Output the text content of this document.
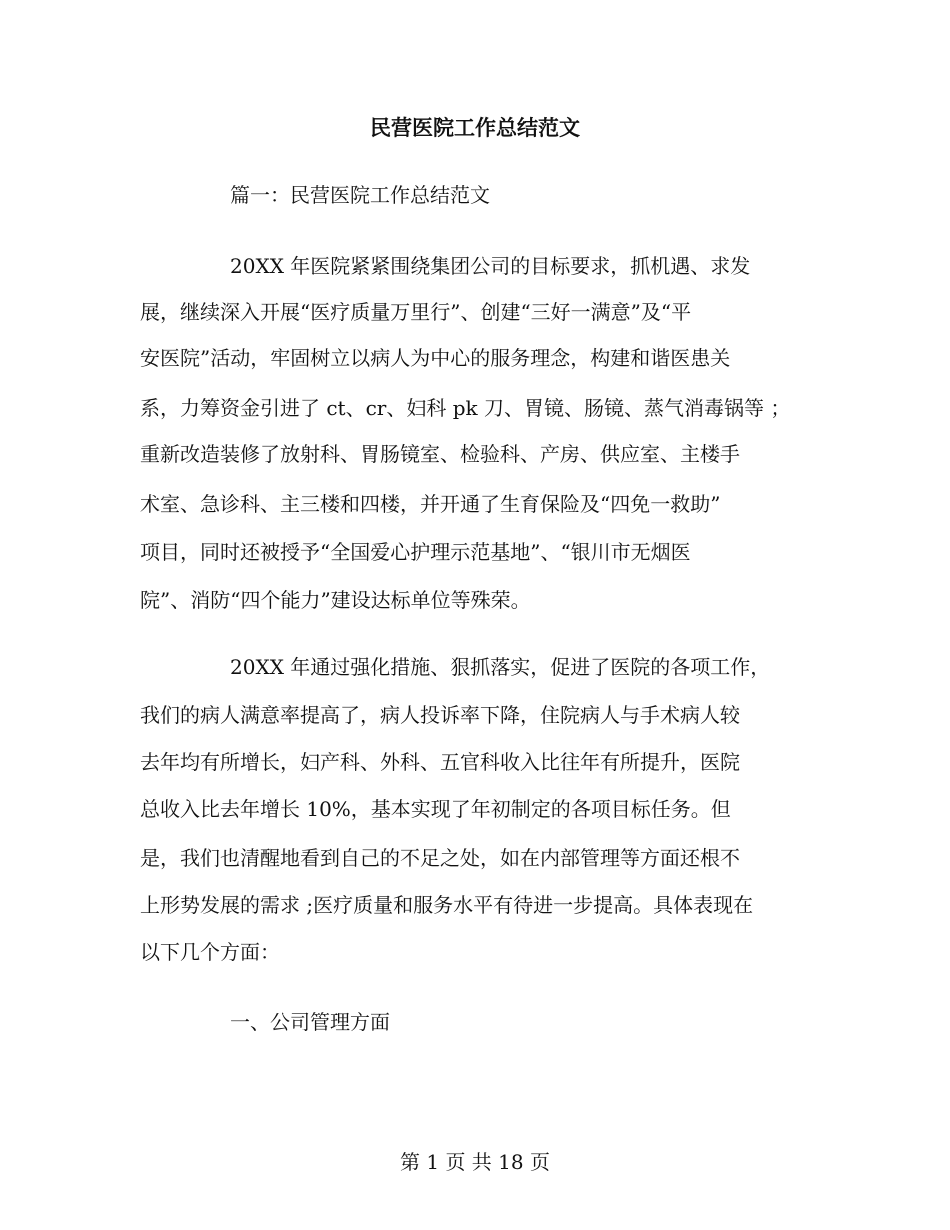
民营医院工作总结范文

篇一：民营医院工作总结范文

20XX 年医院紧紧围绕集团公司的目标要求，抓机遇、求发

展，继续深入开展“医疗质量万里行”、创建“三好一满意”及“平

安医院”活动，牢固树立以病人为中心的服务理念，构建和谐医患关

系，力筹资金引进了 ct、cr、妇科 pk 刀、胃镜、肠镜、蒸气消毒锅等 ；

重新改造装修了放射科、胃肠镜室、检验科、产房、供应室、主楼手

术室、急诊科、主三楼和四楼，并开通了生育保险及“四免一救助”

项目，同时还被授予“全国爱心护理示范基地”、“银川市无烟医

院”、消防“四个能力”建设达标单位等殊荣。

20XX 年通过强化措施、狠抓落实，促进了医院的各项工作，

我们的病人满意率提高了，病人投诉率下降，住院病人与手术病人较

去年均有所增长，妇产科、外科、五官科收入比往年有所提升，医院

总收入比去年增长 10%，基本实现了年初制定的各项目标任务。但

是，我们也清醒地看到自己的不足之处，如在内部管理等方面还根不

上形势发展的需求 ;医疗质量和服务水平有待进一步提高。具体表现在

以下几个方面：

一、公司管理方面

第 1 页 共 18 页
